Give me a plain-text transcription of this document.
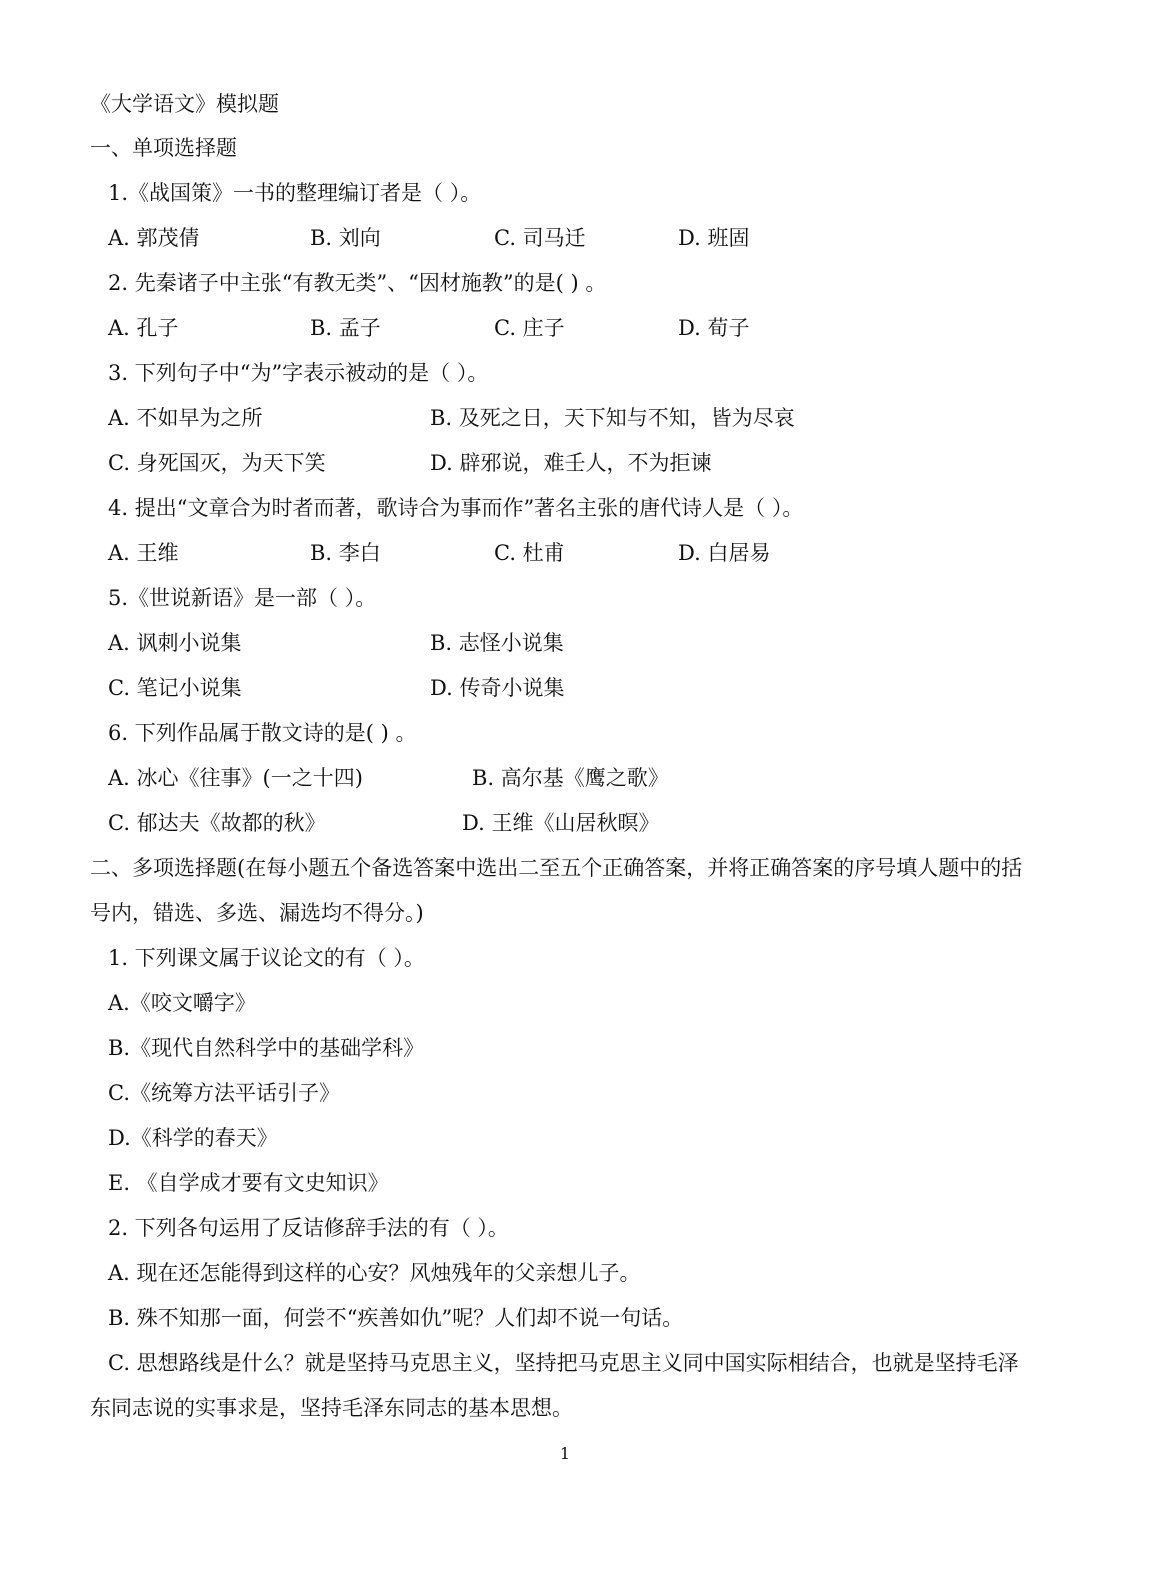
《大学语文》模拟题
一、单项选择题
1.《战国策》一书的整理编订者是（ ）。
A. 郭茂倩	B. 刘向	C. 司马迁	D. 班固
2. 先秦诸子中主张“有教无类”、“因材施教”的是( ) 。
A. 孔子	B. 孟子	C. 庄子	D. 荀子
3. 下列句子中“为”字表示被动的是（ ）。
A. 不如早为之所	B. 及死之日，天下知与不知，皆为尽哀
C. 身死国灭，为天下笑	D. 辟邪说，难壬人，不为拒谏
4. 提出“文章合为时者而著，歌诗合为事而作”著名主张的唐代诗人是（ ）。
A. 王维	B. 李白	C. 杜甫	D. 白居易
5.《世说新语》是一部（ ）。
A. 讽刺小说集	B. 志怪小说集
C. 笔记小说集	D. 传奇小说集
6. 下列作品属于散文诗的是( ) 。
A. 冰心《往事》(一之十四)	B. 高尔基《鹰之歌》
C. 郁达夫《故都的秋》	D. 王维《山居秋暝》
二、多项选择题(在每小题五个备选答案中选出二至五个正确答案，并将正确答案的序号填人题中的括
号内，错选、多选、漏选均不得分。)
1. 下列课文属于议论文的有（ ）。
A.《咬文嚼字》
B.《现代自然科学中的基础学科》
C.《统筹方法平话引子》
D.《科学的春天》
E. 《自学成才要有文史知识》
2. 下列各句运用了反诘修辞手法的有（ ）。
A. 现在还怎能得到这样的心安？风烛残年的父亲想儿子。
B. 殊不知那一面，何尝不“疾善如仇”呢？人们却不说一句话。
C. 思想路线是什么？就是坚持马克思主义，坚持把马克思主义同中国实际相结合，也就是坚持毛泽
东同志说的实事求是，坚持毛泽东同志的基本思想。
1
